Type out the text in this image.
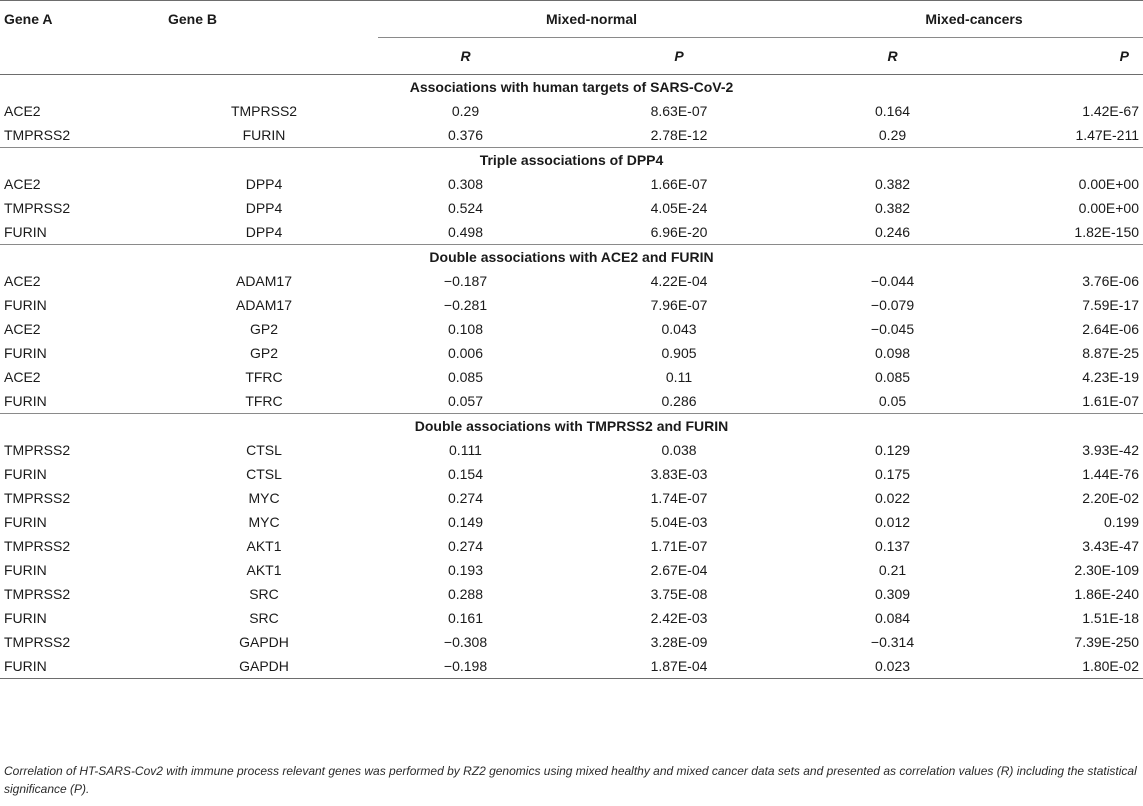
Gene A	Gene B	Mixed-normal		Mixed-cancers	
		R	P	R	P
Associations with human targets of SARS-CoV-2					
ACE2	TMPRSS2	0.29	8.63E-07	0.164	1.42E-67
TMPRSS2	FURIN	0.376	2.78E-12	0.29	1.47E-211
Triple associations of DPP4					
ACE2	DPP4	0.308	1.66E-07	0.382	0.00E+00
TMPRSS2	DPP4	0.524	4.05E-24	0.382	0.00E+00
FURIN	DPP4	0.498	6.96E-20	0.246	1.82E-150
Double associations with ACE2 and FURIN					
ACE2	ADAM17	−0.187	4.22E-04	−0.044	3.76E-06
FURIN	ADAM17	−0.281	7.96E-07	−0.079	7.59E-17
ACE2	GP2	0.108	0.043	−0.045	2.64E-06
FURIN	GP2	0.006	0.905	0.098	8.87E-25
ACE2	TFRC	0.085	0.11	0.085	4.23E-19
FURIN	TFRC	0.057	0.286	0.05	1.61E-07
Double associations with TMPRSS2 and FURIN					
TMPRSS2	CTSL	0.111	0.038	0.129	3.93E-42
FURIN	CTSL	0.154	3.83E-03	0.175	1.44E-76
TMPRSS2	MYC	0.274	1.74E-07	0.022	2.20E-02
FURIN	MYC	0.149	5.04E-03	0.012	0.199
TMPRSS2	AKT1	0.274	1.71E-07	0.137	3.43E-47
FURIN	AKT1	0.193	2.67E-04	0.21	2.30E-109
TMPRSS2	SRC	0.288	3.75E-08	0.309	1.86E-240
FURIN	SRC	0.161	2.42E-03	0.084	1.51E-18
TMPRSS2	GAPDH	−0.308	3.28E-09	−0.314	7.39E-250
FURIN	GAPDH	−0.198	1.87E-04	0.023	1.80E-02
Correlation of HT-SARS-Cov2 with immune process relevant genes was performed by RZ2 genomics using mixed healthy and mixed cancer data sets and presented as correlation values (R) including the statistical significance (P).
